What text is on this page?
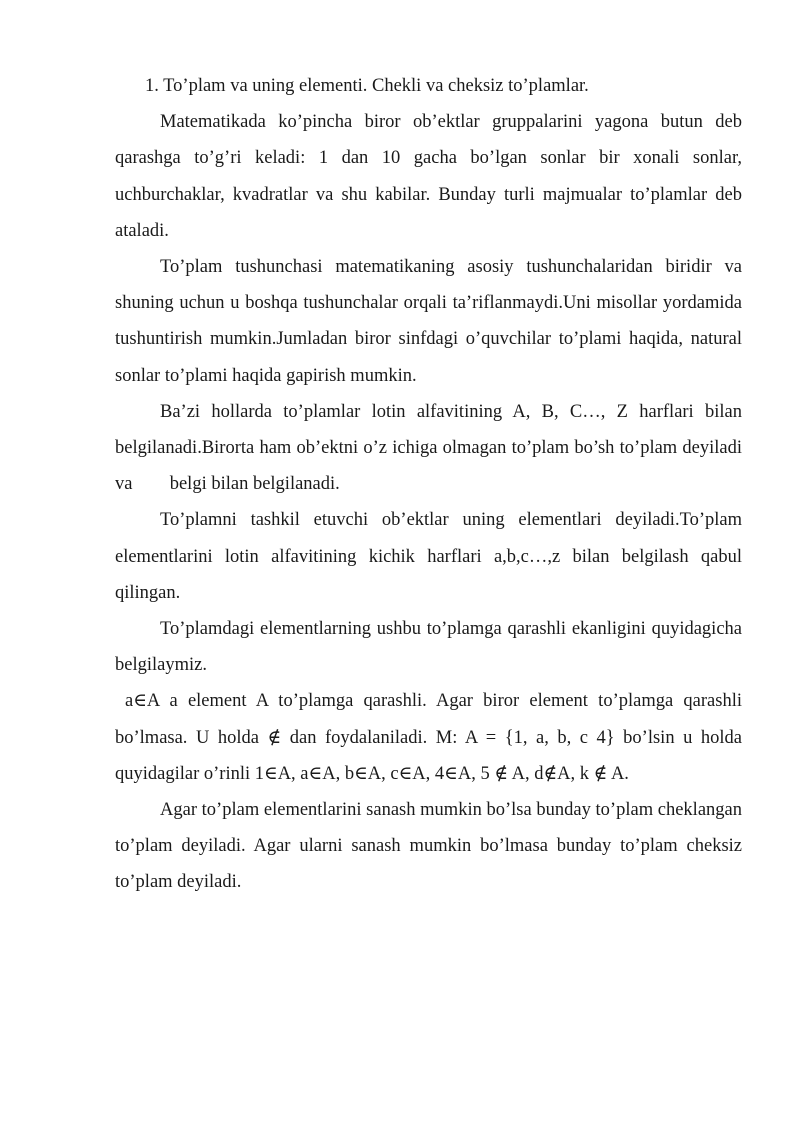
1. To’plam va uning elementi. Chekli va cheksiz to’plamlar.

Matematikada ko’pincha biror ob’ektlar gruppalarini yagona butun deb qarashga to’g’ri keladi: 1 dan 10 gacha bo’lgan sonlar bir xonali sonlar, uchburchaklar, kvadratlar va shu kabilar. Bunday turli majmualar to’plamlar deb ataladi.

To’plam tushunchasi matematikaning asosiy tushunchalaridan biridir va shuning uchun u boshqa tushunchalar orqali ta’riflanmaydi.Uni misollar yordamida tushuntirish mumkin.Jumladan biror sinfdagi o’quvchilar to’plami haqida, natural sonlar to’plami haqida gapirish mumkin.

Ba’zi hollarda to’plamlar lotin alfavitining A, B, C…, Z harflari bilan belgilanadi.Birorta ham ob’ektni o’z ichiga olmagan to’plam bo’sh to’plam deyiladi va belgi bilan belgilanadi.

To’plamni tashkil etuvchi ob’ektlar uning elementlari deyiladi.To’plam elementlarini lotin alfavitining kichik harflari a,b,c…,z bilan belgilash qabul qilingan.

To’plamdagi elementlarning ushbu to’plamga qarashli ekanligini quyidagicha belgilaymiz.

a∈A a element A to’plamga qarashli. Agar biror element to’plamga qarashli bo’lmasa. U holda ∉ dan foydalaniladi. M: A = {1, a, b, c 4} bo’lsin u holda quyidagilar o’rinli 1∈A, a∈A, b∈A, c∈A, 4∈A, 5 ∉ A, d∉A, k ∉ A.

Agar to’plam elementlarini sanash mumkin bo’lsa bunday to’plam cheklangan to’plam deyiladi. Agar ularni sanash mumkin bo’lmasa bunday to’plam cheksiz to’plam deyiladi.
